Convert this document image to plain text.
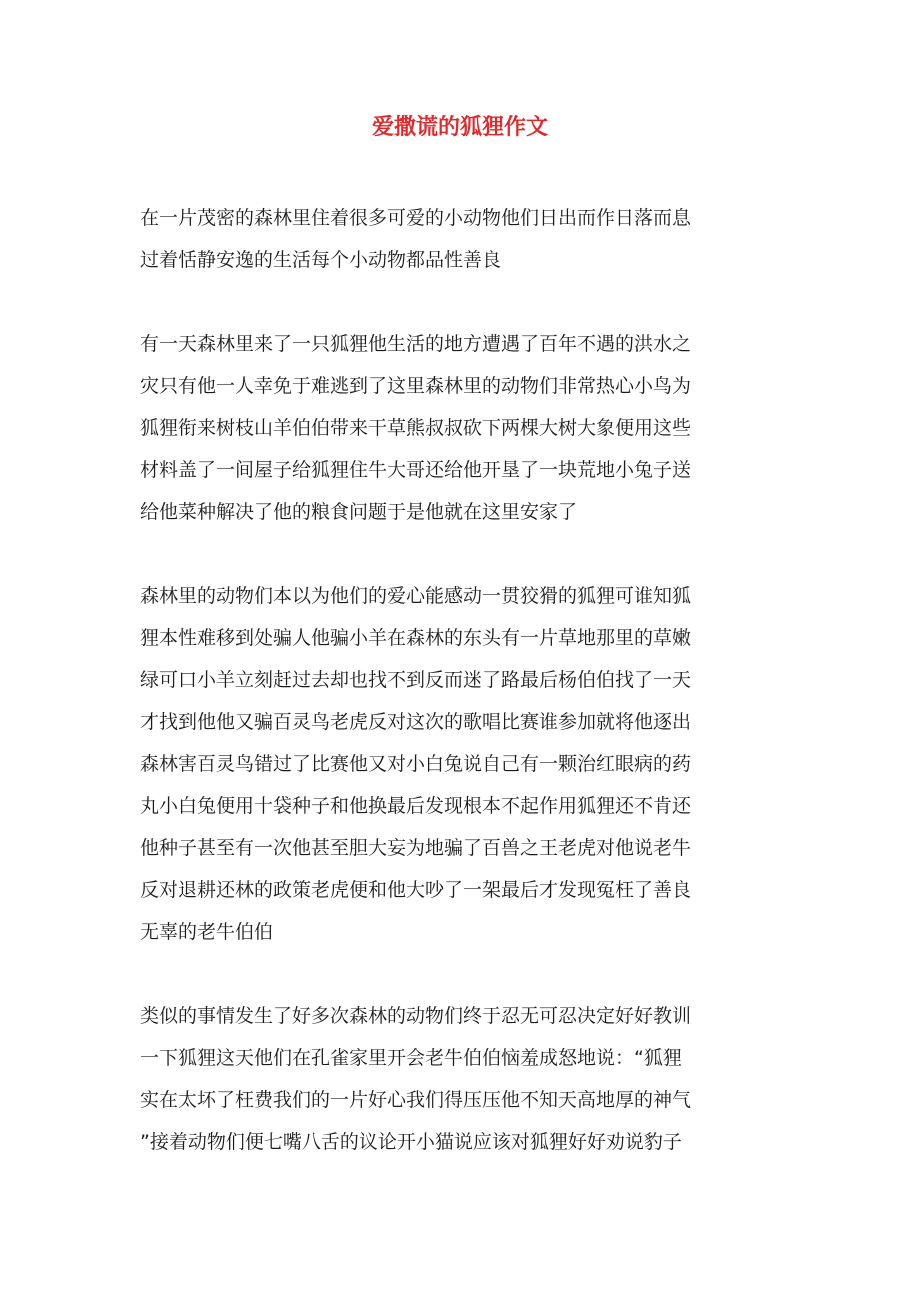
爱撒谎的狐狸作文

在一片茂密的森林里住着很多可爱的小动物他们日出而作日落而息

过着恬静安逸的生活每个小动物都品性善良

有一天森林里来了一只狐狸他生活的地方遭遇了百年不遇的洪水之

灾只有他一人幸免于难逃到了这里森林里的动物们非常热心小鸟为

狐狸衔来树枝山羊伯伯带来干草熊叔叔砍下两棵大树大象便用这些

材料盖了一间屋子给狐狸住牛大哥还给他开垦了一块荒地小兔子送

给他菜种解决了他的粮食问题于是他就在这里安家了

森林里的动物们本以为他们的爱心能感动一贯狡猾的狐狸可谁知狐

狸本性难移到处骗人他骗小羊在森林的东头有一片草地那里的草嫩

绿可口小羊立刻赶过去却也找不到反而迷了路最后杨伯伯找了一天

才找到他他又骗百灵鸟老虎反对这次的歌唱比赛谁参加就将他逐出

森林害百灵鸟错过了比赛他又对小白兔说自己有一颗治红眼病的药

丸小白兔便用十袋种子和他换最后发现根本不起作用狐狸还不肯还

他种子甚至有一次他甚至胆大妄为地骗了百兽之王老虎对他说老牛

反对退耕还林的政策老虎便和他大吵了一架最后才发现冤枉了善良

无辜的老牛伯伯

类似的事情发生了好多次森林的动物们终于忍无可忍决定好好教训

一下狐狸这天他们在孔雀家里开会老牛伯伯恼羞成怒地说：“狐狸

实在太坏了枉费我们的一片好心我们得压压他不知天高地厚的神气

”接着动物们便七嘴八舌的议论开小猫说应该对狐狸好好劝说豹子
